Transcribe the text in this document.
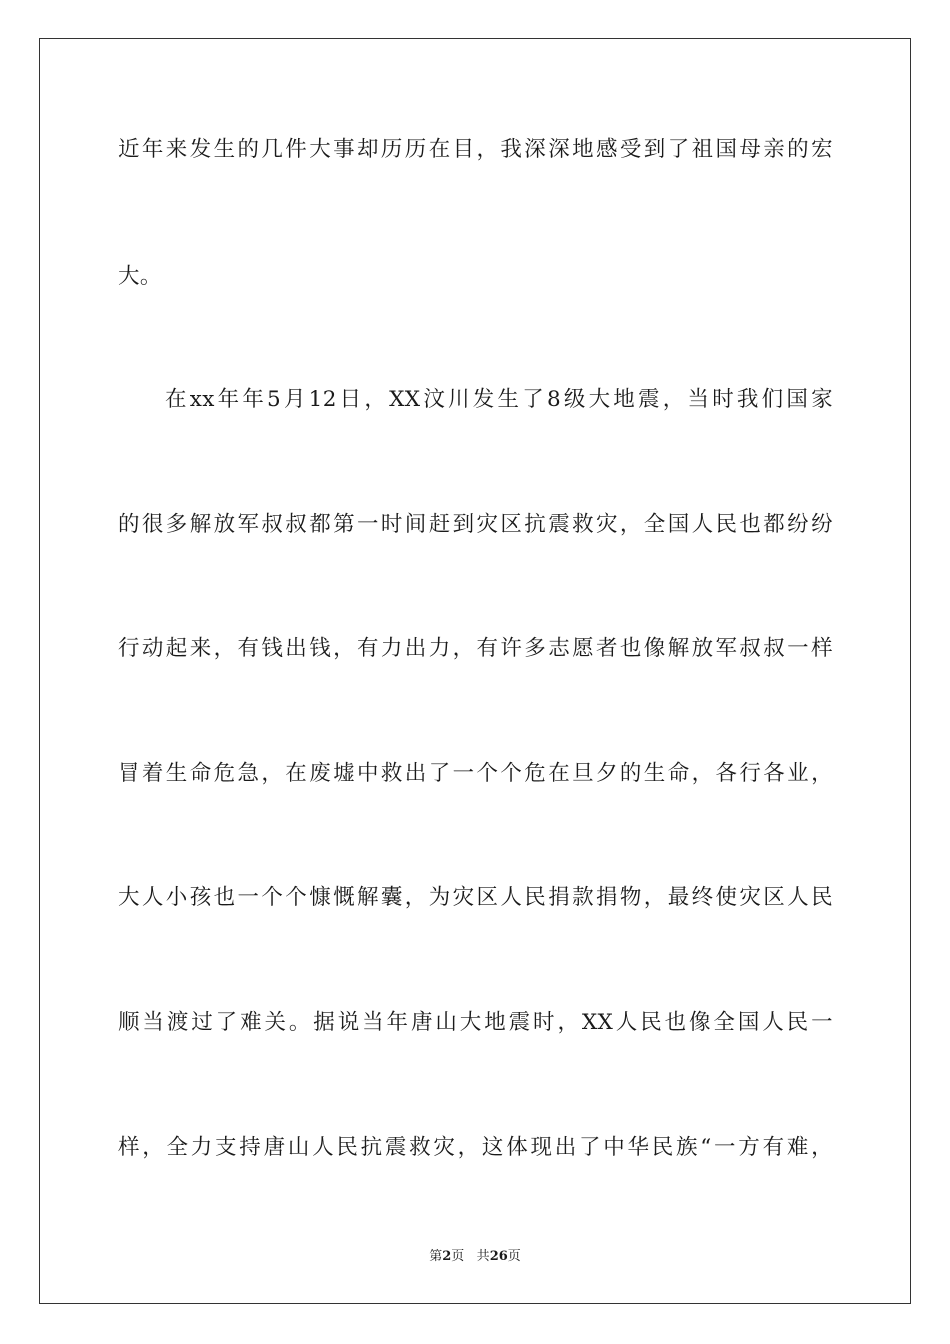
近年来发生的几件大事却历历在目，我深深地感受到了祖国母亲的宏
大。
在xx年年5月12日，XX汶川发生了8级大地震，当时我们国家
的很多解放军叔叔都第一时间赶到灾区抗震救灾，全国人民也都纷纷
行动起来，有钱出钱，有力出力，有许多志愿者也像解放军叔叔一样
冒着生命危急，在废墟中救出了一个个危在旦夕的生命，各行各业，
大人小孩也一个个慷慨解囊，为灾区人民捐款捐物，最终使灾区人民
顺当渡过了难关。据说当年唐山大地震时，XX人民也像全国人民一
样，全力支持唐山人民抗震救灾，这体现出了中华民族“一方有难，
第2页 共26页
